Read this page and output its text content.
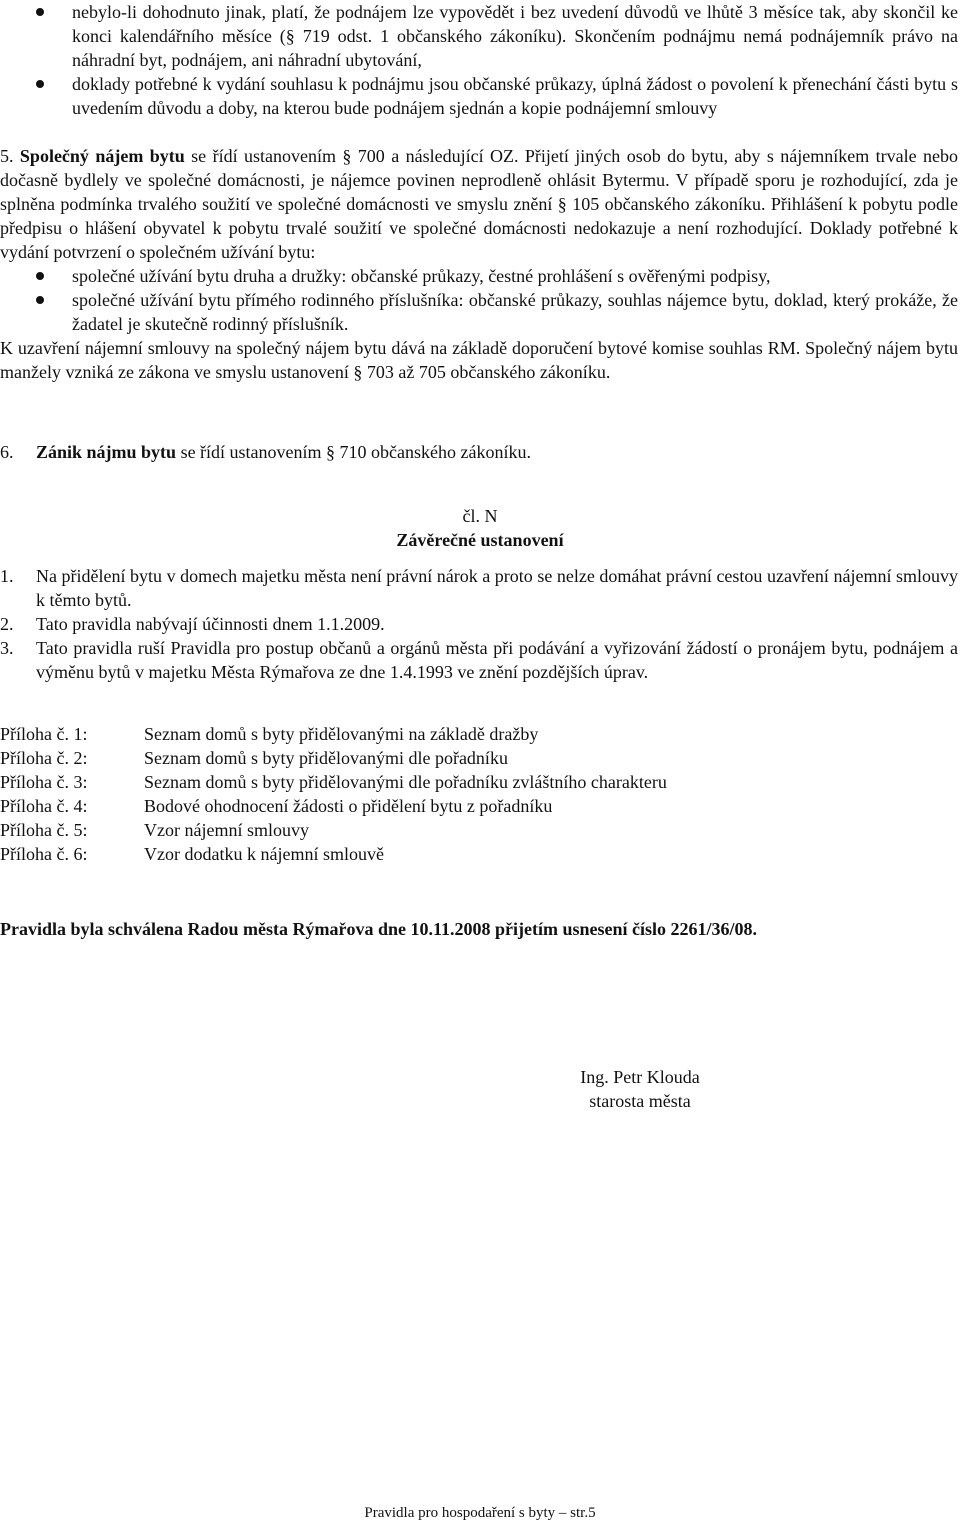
nebylo-li dohodnuto jinak, platí, že podnájem lze vypovědět i bez uvedení důvodů ve lhůtě 3 měsíce tak, aby skončil ke konci kalendářního měsíce (§ 719 odst. 1 občanského zákoníku). Skončením podnájmu nemá podnájemník právo na náhradní byt, podnájem, ani náhradní ubytování,
doklady potřebné k vydání souhlasu k podnájmu jsou občanské průkazy, úplná žádost o povolení k přenechání části bytu s uvedením důvodu a doby, na kterou bude podnájem sjednán a kopie podnájemní smlouvy
5. Společný nájem bytu se řídí ustanovením § 700 a následující OZ. Přijetí jiných osob do bytu, aby s nájemníkem trvale nebo dočasně bydlely ve společné domácnosti, je nájemce povinen neprodleně ohlásit Bytermu. V případě sporu je rozhodující, zda je splněna podmínka trvalého soužití ve společné domácnosti ve smyslu znění § 105 občanského zákoníku. Přihlášení k pobytu podle předpisu o hlášení obyvatel k pobytu trvalé soužití ve společné domácnosti nedokazuje a není rozhodující. Doklady potřebné k vydání potvrzení o společném užívání bytu:
společné užívání bytu druha a družky: občanské průkazy, čestné prohlášení s ověřenými podpisy,
společné užívání bytu přímého rodinného příslušníka: občanské průkazy, souhlas nájemce bytu, doklad, který prokáže, že žadatel je skutečně rodinný příslušník.
K uzavření nájemní smlouvy na společný nájem bytu dává na základě doporučení bytové komise souhlas RM. Společný nájem bytu manžely vzniká ze zákona ve smyslu ustanovení § 703 až 705 občanského zákoníku.
6. Zánik nájmu bytu se řídí ustanovením § 710 občanského zákoníku.
čl. N
Závěrečné ustanovení
1. Na přidělení bytu v domech majetku města není právní nárok a proto se nelze domáhat právní cestou uzavření nájemní smlouvy k těmto bytů.
2. Tato pravidla nabývají účinnosti dnem 1.1.2009.
3. Tato pravidla ruší Pravidla pro postup občanů a orgánů města při podávání a vyřizování žádostí o pronájem bytu, podnájem a výměnu bytů v majetku Města Rýmařova ze dne 1.4.1993 ve znění pozdějších úprav.
Příloha č. 1:	Seznam domů s byty přidělovanými na základě dražby
Příloha č. 2:	Seznam domů s byty přidělovanými dle pořadníku
Příloha č. 3:	Seznam domů s byty přidělovanými dle pořadníku zvláštního charakteru
Příloha č. 4:	Bodové ohodnocení žádosti o přidělení bytu z pořadníku
Příloha č. 5:	Vzor nájemní smlouvy
Příloha č. 6:	Vzor dodatku k nájemní smlouvě
Pravidla byla schválena Radou města Rýmařova dne 10.11.2008 přijetím usnesení číslo 2261/36/08.
Ing. Petr Klouda
starosta města
Pravidla pro hospodaření s byty – str.5
